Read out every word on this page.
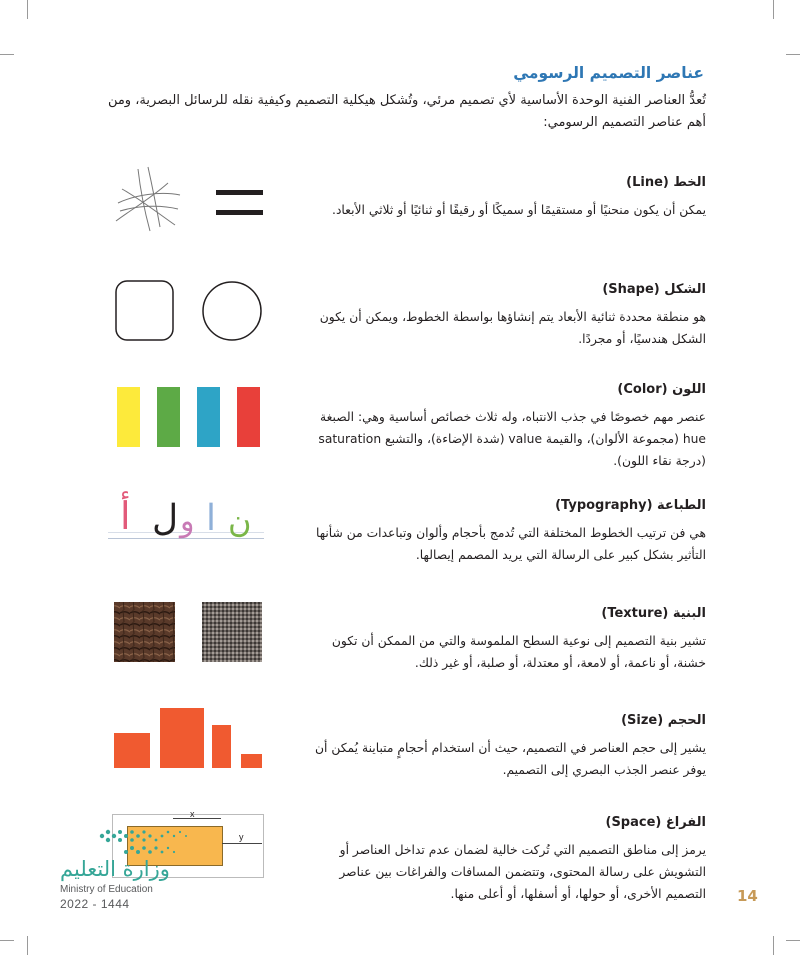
عناصر التصميم الرسومي
تُعدُّ العناصر الفنية الوحدة الأساسية لأي تصميم مرئي، وتُشكل هيكلية التصميم وكيفية نقله للرسائل البصرية، ومن أهم عناصر التصميم الرسومي:
الخط (Line)

يمكن أن يكون منحنيًا أو مستقيمًا أو سميكًا أو رقيقًا أو ثنائيًا أو ثلاثي الأبعاد.

الشكل (Shape)

هو منطقة محددة ثنائية الأبعاد يتم إنشاؤها بواسطة الخطوط، ويمكن أن يكون الشكل هندسيًا، أو مجردًا.

اللون (Color)

عنصر مهم خصوصًا في جذب الانتباه، وله ثلاث خصائص أساسية وهي: الصبغة hue (مجموعة الألوان)، والقيمة value (شدة الإضاءة)، والتشبع saturation (درجة نقاء اللون).

الطباعة (Typography)

هي فن ترتيب الخطوط المختلفة التي تُدمج بأحجام وألوان وتباعدات من شأنها التأثير بشكل كبير على الرسالة التي يريد المصمم إيصالها.

ن
ا
و
ل
أ
البنية (Texture)

تشير بنية التصميم إلى نوعية السطح الملموسة والتي من الممكن أن تكون خشنة، أو ناعمة، أو لامعة، أو معتدلة، أو صلبة، أو غير ذلك.

الحجم (Size)

يشير إلى حجم العناصر في التصميم، حيث أن استخدام أحجامٍ متباينة يُمكن أن يوفر عنصر الجذب البصري إلى التصميم.

الفراغ (Space)

يرمز إلى مناطق التصميم التي تُركت خالية لضمان عدم تداخل العناصر أو التشويش على رسالة المحتوى، وتتضمن المسافات والفراغات بين عناصر التصميم الأخرى، أو حولها، أو أسفلها، أو أعلى منها.

x
y
وزارة التعليم
Ministry of Education
2022 - 1444	14
